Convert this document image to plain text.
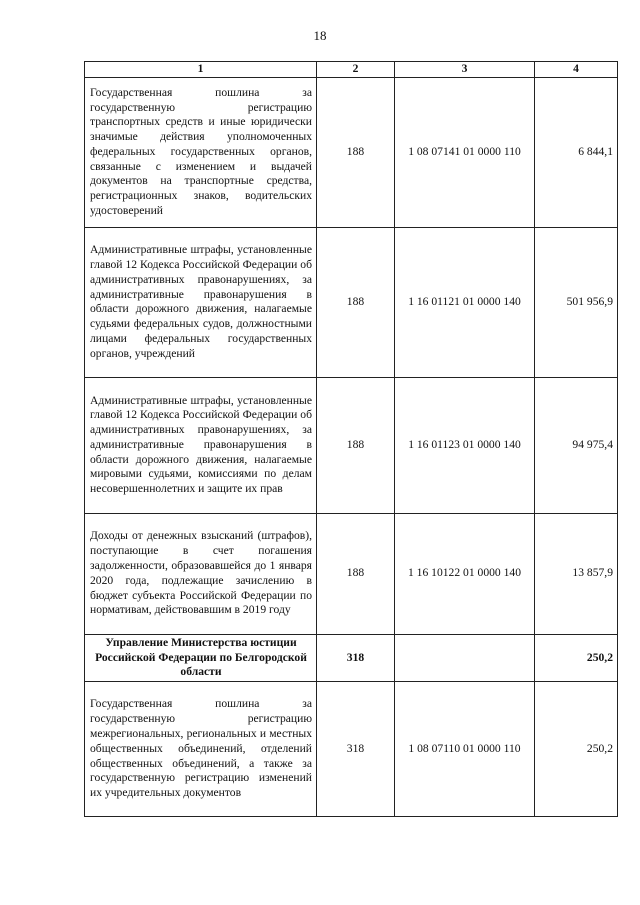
18
1	2	3	4
Государственная пошлина за государственную регистрацию транспортных средств и иные юридически значимые действия уполномоченных федеральных государственных органов, связанные с изменением и выдачей документов на транспортные средства, регистрационных знаков, водительских удостоверений	188	1 08 07141 01 0000 110	6 844,1
Административные штрафы, установленные главой 12 Кодекса Российской Федерации об административных правонарушениях, за административные правонарушения в области дорожного движения, налагаемые судьями федеральных судов, должностными лицами федеральных государственных органов, учреждений	188	1 16 01121 01 0000 140	501 956,9
Административные штрафы, установленные главой 12 Кодекса Российской Федерации об административных правонарушениях, за административные правонарушения в области дорожного движения, налагаемые мировыми судьями, комиссиями по делам несовершеннолетних и защите их прав	188	1 16 01123 01 0000 140	94 975,4
Доходы от денежных взысканий (штрафов), поступающие в счет погашения задолженности, образовавшейся до 1 января 2020 года, подлежащие зачислению в бюджет субъекта Российской Федерации по нормативам, действовавшим в 2019 году	188	1 16 10122 01 0000 140	13 857,9
Управление Министерства юстиции Российской Федерации по Белгородской области	318		250,2
Государственная пошлина за государственную регистрацию межрегиональных, региональных и местных общественных объединений, отделений общественных объединений, а также за государственную регистрацию изменений их учредительных документов	318	1 08 07110 01 0000 110	250,2
